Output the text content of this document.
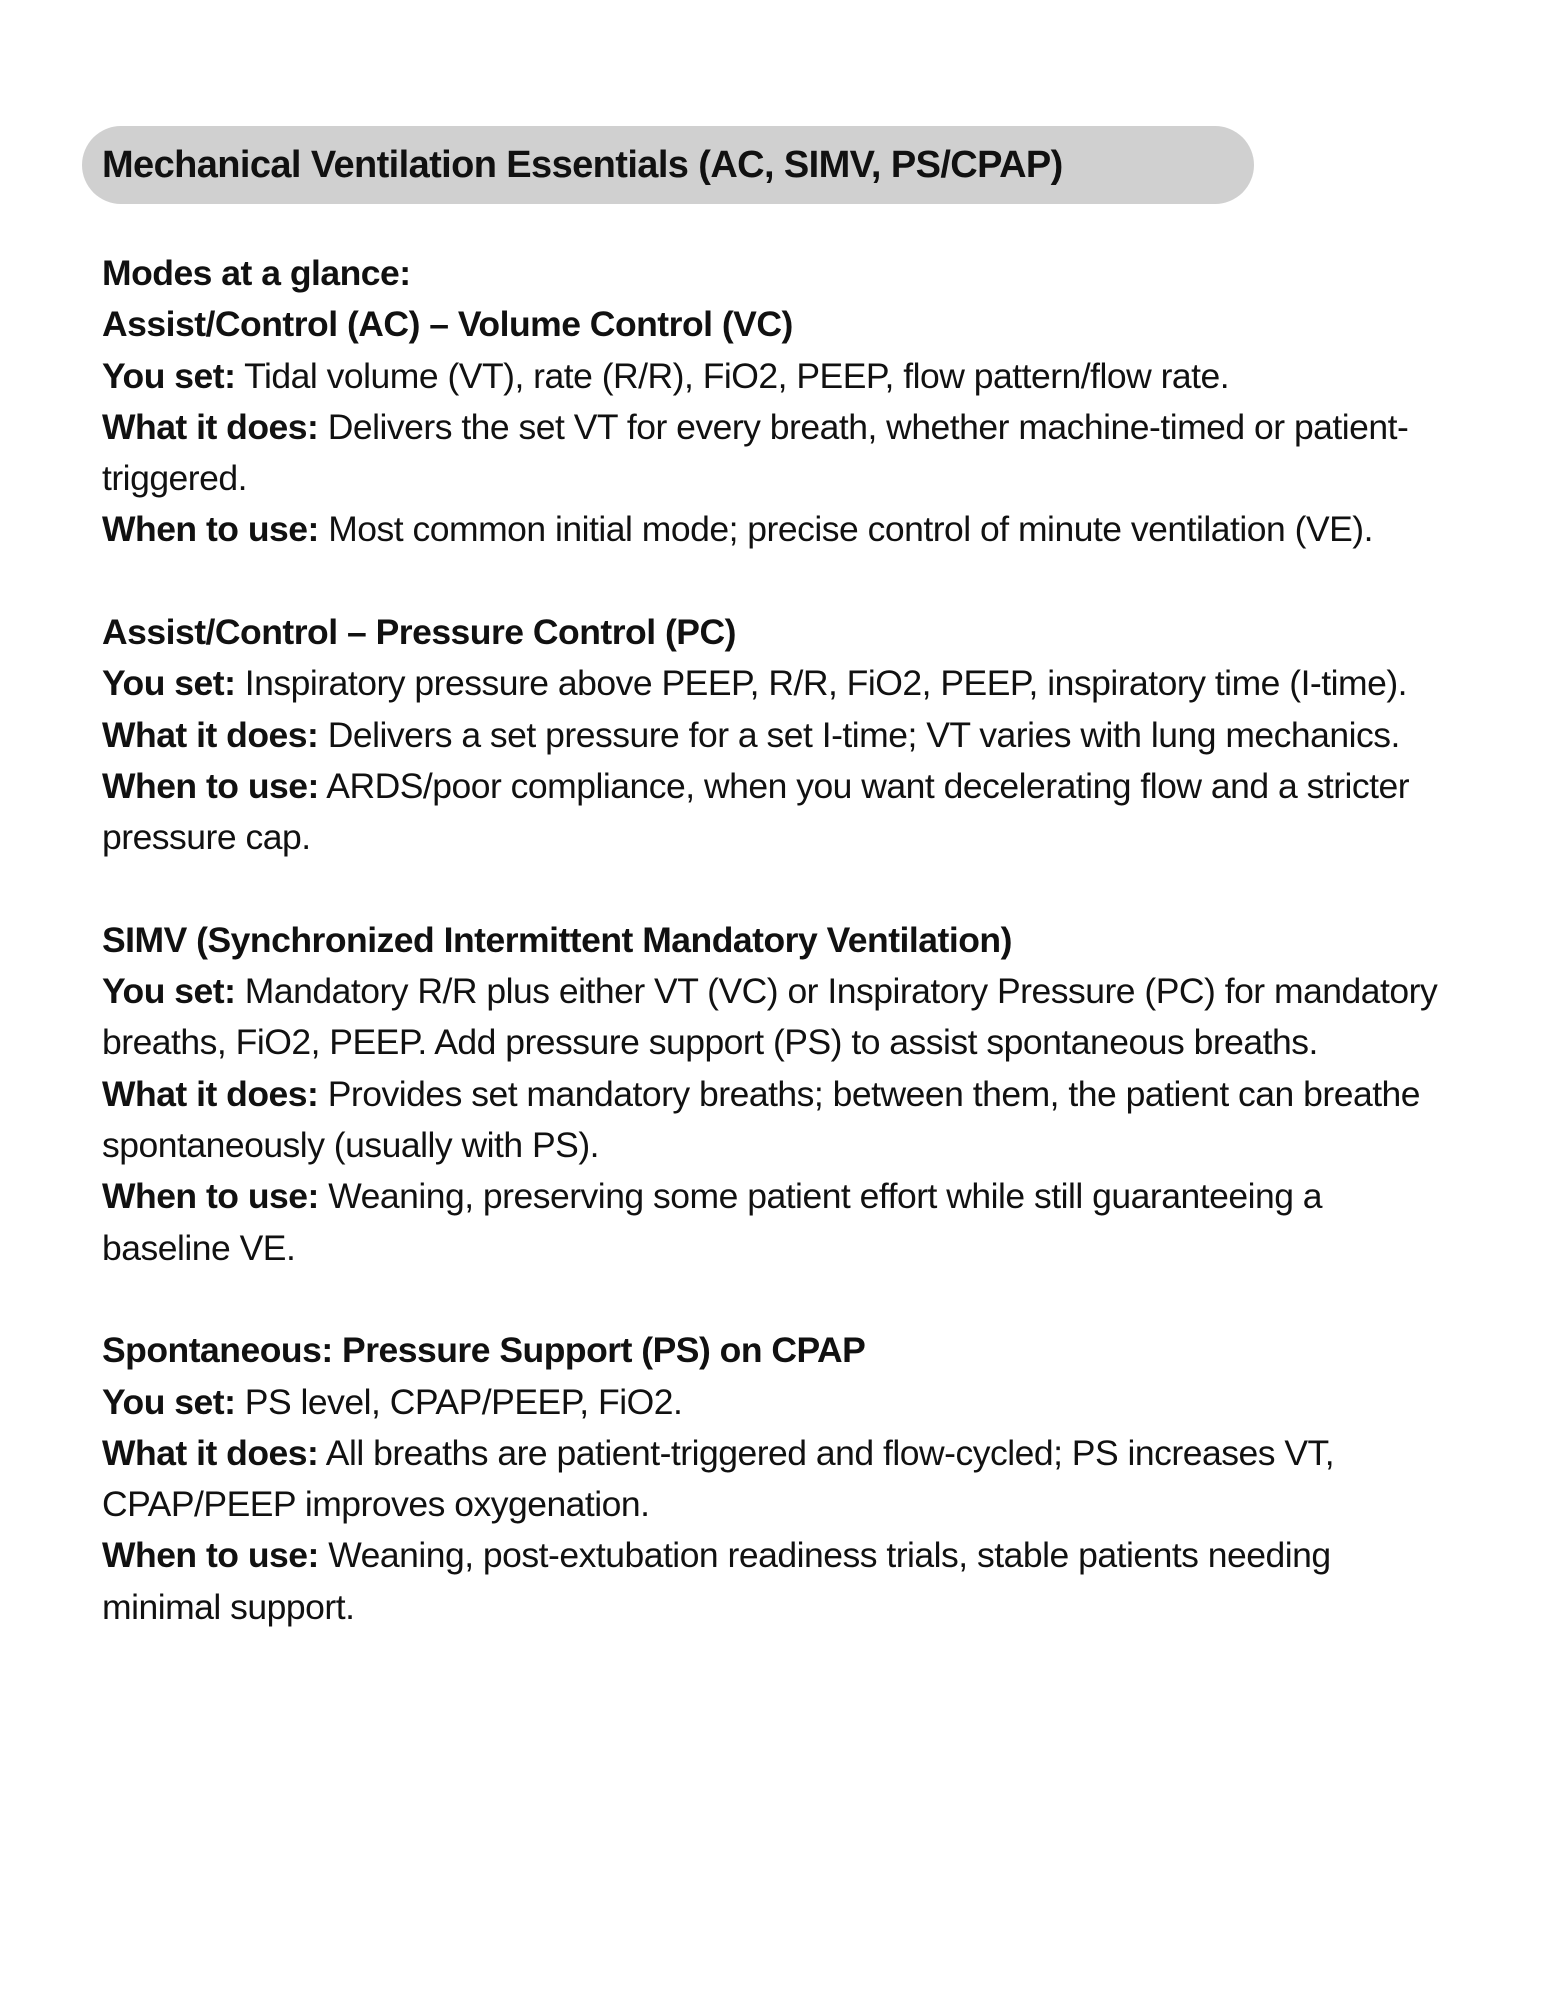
Mechanical Ventilation Essentials (AC, SIMV, PS/CPAP)
Modes at a glance:
Assist/Control (AC) – Volume Control (VC)
You set: Tidal volume (VT), rate (R/R), FiO2, PEEP, flow pattern/flow rate.
What it does: Delivers the set VT for every breath, whether machine-timed or patient-triggered.
When to use: Most common initial mode; precise control of minute ventilation (VE).
Assist/Control – Pressure Control (PC)
You set: Inspiratory pressure above PEEP, R/R, FiO2, PEEP, inspiratory time (I-time).
What it does: Delivers a set pressure for a set I-time; VT varies with lung mechanics.
When to use: ARDS/poor compliance, when you want decelerating flow and a stricter pressure cap.
SIMV (Synchronized Intermittent Mandatory Ventilation)
You set: Mandatory R/R plus either VT (VC) or Inspiratory Pressure (PC) for mandatory breaths, FiO2, PEEP. Add pressure support (PS) to assist spontaneous breaths.
What it does: Provides set mandatory breaths; between them, the patient can breathe spontaneously (usually with PS).
When to use: Weaning, preserving some patient effort while still guaranteeing a baseline VE.
Spontaneous: Pressure Support (PS) on CPAP
You set: PS level, CPAP/PEEP, FiO2.
What it does: All breaths are patient-triggered and flow-cycled; PS increases VT, CPAP/PEEP improves oxygenation.
When to use: Weaning, post-extubation readiness trials, stable patients needing minimal support.
